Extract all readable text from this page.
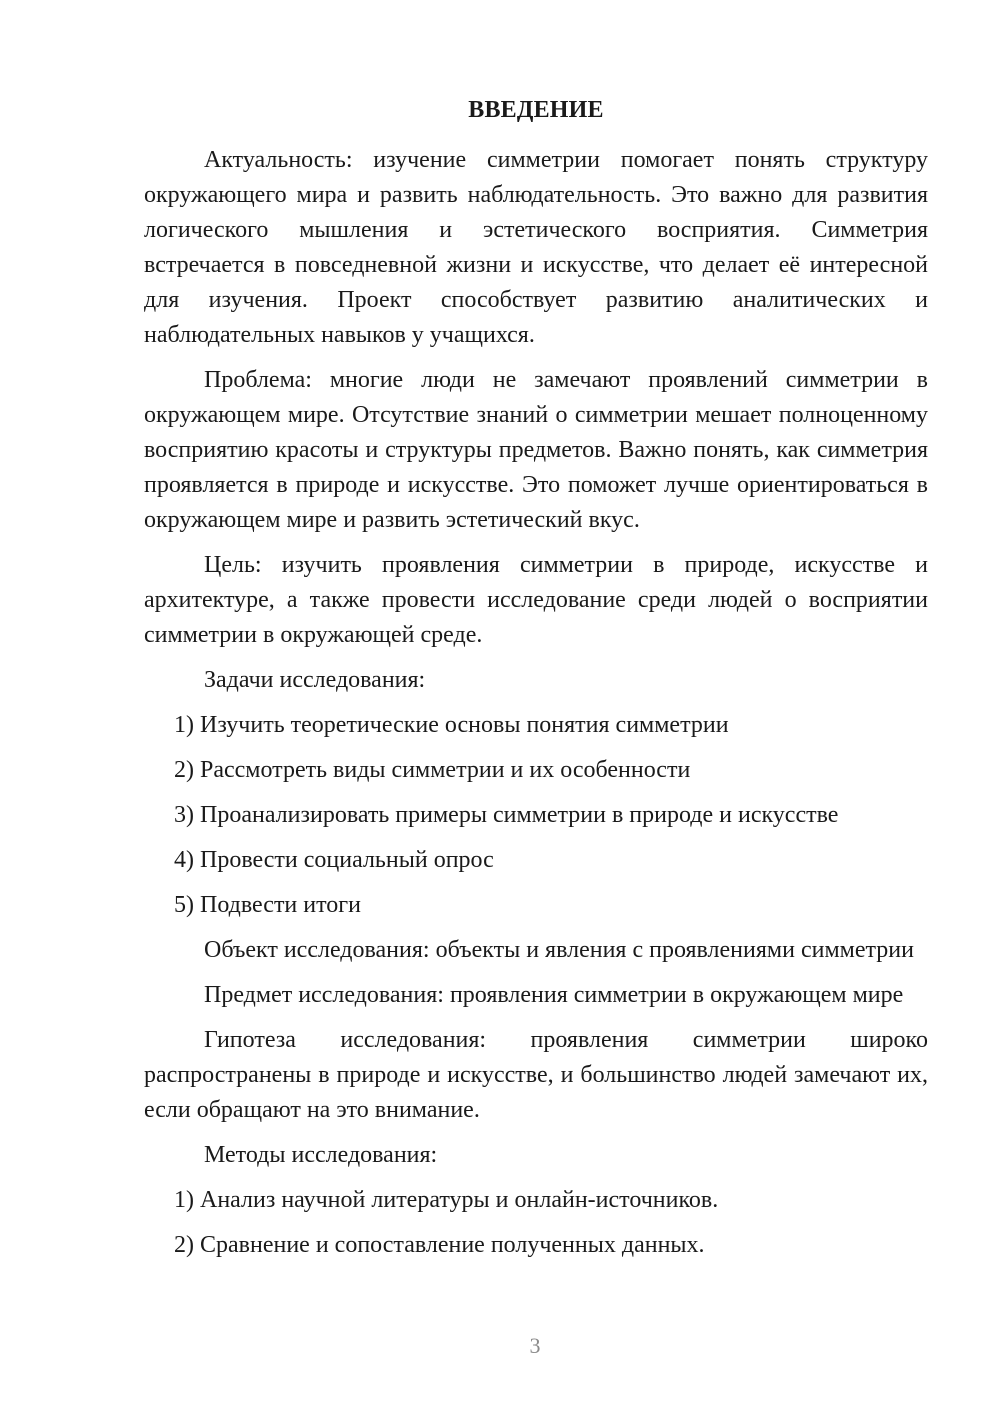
ВВЕДЕНИЕ

Актуальность: изучение симметрии помогает понять структуру окружающего мира и развить наблюдательность. Это важно для развития логического мышления и эстетического восприятия. Симметрия встречается в повседневной жизни и искусстве, что делает её интересной для изучения. Проект способствует развитию аналитических и наблюдательных навыков у учащихся.

Проблема: многие люди не замечают проявлений симметрии в окружающем мире. Отсутствие знаний о симметрии мешает полноценному восприятию красоты и структуры предметов. Важно понять, как симметрия проявляется в природе и искусстве. Это поможет лучше ориентироваться в окружающем мире и развить эстетический вкус.

Цель: изучить проявления симметрии в природе, искусстве и архитектуре, а также провести исследование среди людей о восприятии симметрии в окружающей среде.

Задачи исследования:

1) Изучить теоретические основы понятия симметрии

2) Рассмотреть виды симметрии и их особенности

3) Проанализировать примеры симметрии в природе и искусстве

4) Провести социальный опрос

5) Подвести итоги

Объект исследования: объекты и явления с проявлениями симметрии

Предмет исследования: проявления симметрии в окружающем мире

Гипотеза исследования: проявления симметрии широко распространены в природе и искусстве, и большинство людей замечают их, если обращают на это внимание.

Методы исследования:

1) Анализ научной литературы и онлайн-источников.

2) Сравнение и сопоставление полученных данных.

3
